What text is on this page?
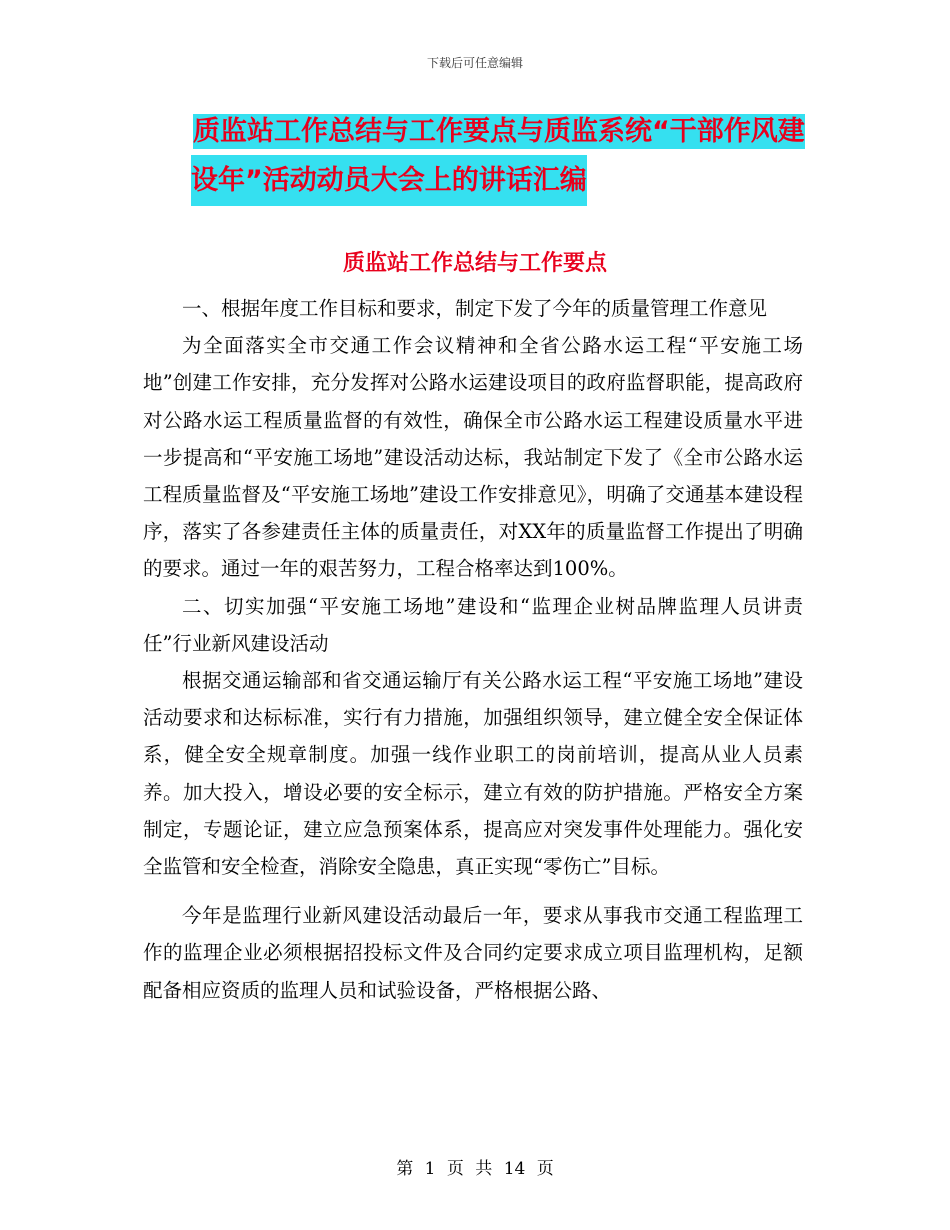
下载后可任意编辑
质监站工作总结与工作要点与质监系统“干部作风建
设年”活动动员大会上的讲话汇编
质监站工作总结与工作要点

一、根据年度工作目标和要求，制定下发了今年的质量管理工作意见

为全面落实全市交通工作会议精神和全省公路水运工程“平安施工场地”创建工作安排，充分发挥对公路水运建设项目的政府监督职能，提高政府对公路水运工程质量监督的有效性，确保全市公路水运工程建设质量水平进一步提高和“平安施工场地”建设活动达标，我站制定下发了《全市公路水运工程质量监督及“平安施工场地”建设工作安排意见》，明确了交通基本建设程序，落实了各参建责任主体的质量责任，对XX年的质量监督工作提出了明确的要求。通过一年的艰苦努力，工程合格率达到100%。

二、切实加强“平安施工场地”建设和“监理企业树品牌监理人员讲责任”行业新风建设活动

根据交通运输部和省交通运输厅有关公路水运工程“平安施工场地”建设活动要求和达标标准，实行有力措施，加强组织领导，建立健全安全保证体系，健全安全规章制度。加强一线作业职工的岗前培训，提高从业人员素养。加大投入，增设必要的安全标示，建立有效的防护措施。严格安全方案制定，专题论证，建立应急预案体系，提高应对突发事件处理能力。强化安全监管和安全检查，消除安全隐患，真正实现“零伤亡”目标。

今年是监理行业新风建设活动最后一年，要求从事我市交通工程监理工作的监理企业必须根据招投标文件及合同约定要求成立项目监理机构，足额配备相应资质的监理人员和试验设备，严格根据公路、

第 1 页 共 14 页
